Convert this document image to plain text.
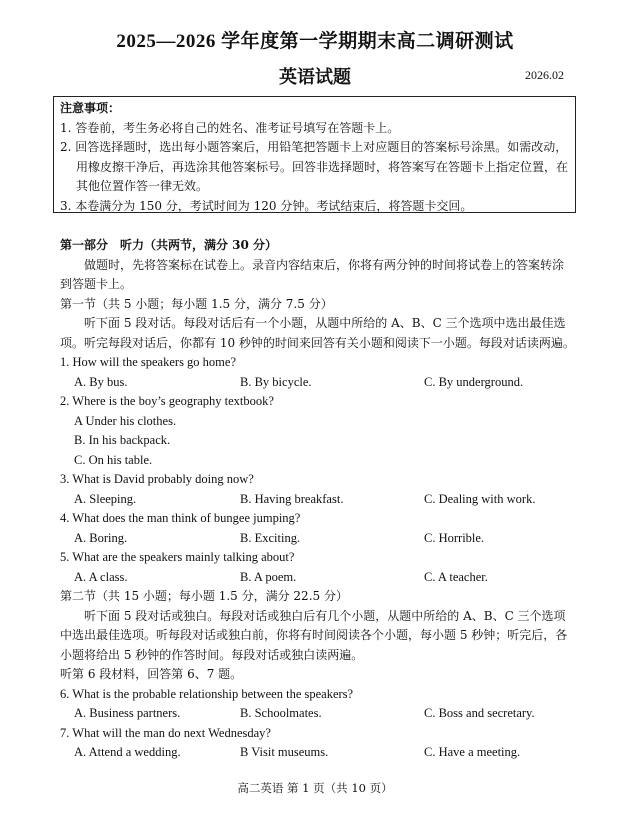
2025—2026 学年度第一学期期末高二调研测试
英语试题	2026.02
注意事项：
1. 答卷前，考生务必将自己的姓名、准考证号填写在答题卡上。
2. 回答选择题时，选出每小题答案后，用铅笔把答题卡上对应题目的答案标号涂黑。如需改动，用橡皮擦干净后，再选涂其他答案标号。回答非选择题时，将答案写在答题卡上指定位置，在其他位置作答一律无效。
3. 本卷满分为 150 分，考试时间为 120 分钟。考试结束后，将答题卡交回。
第一部分　听力（共两节，满分 30 分）
做题时，先将答案标在试卷上。录音内容结束后，你将有两分钟的时间将试卷上的答案转涂到答题卡上。
第一节（共 5 小题；每小题 1.5 分，满分 7.5 分）
听下面 5 段对话。每段对话后有一个小题，从题中所给的 A、B、C 三个选项中选出最佳选项。听完每段对话后，你都有 10 秒钟的时间来回答有关小题和阅读下一小题。每段对话读两遍。
1. How will the speakers go home?
A. By bus.	B. By bicycle.	C. By underground.
2. Where is the boy’s geography textbook?
A Under his clothes.
B. In his backpack.
C. On his table.
3. What is David probably doing now?
A. Sleeping.	B. Having breakfast.	C. Dealing with work.
4. What does the man think of bungee jumping?
A. Boring.	B. Exciting.	C. Horrible.
5. What are the speakers mainly talking about?
A. A class.	B. A poem.	C. A teacher.
第二节（共 15 小题；每小题 1.5 分，满分 22.5 分）
听下面 5 段对话或独白。每段对话或独白后有几个小题，从题中所给的 A、B、C 三个选项中选出最佳选项。听每段对话或独白前，你将有时间阅读各个小题，每小题 5 秒钟；听完后，各小题将给出 5 秒钟的作答时间。每段对话或独白读两遍。
听第 6 段材料，回答第 6、7 题。
6. What is the probable relationship between the speakers?
A. Business partners.	B. Schoolmates.	C. Boss and secretary.
7. What will the man do next Wednesday?
A. Attend a wedding.	B Visit museums.	C. Have a meeting.
高二英语 第 1 页（共 10 页）
